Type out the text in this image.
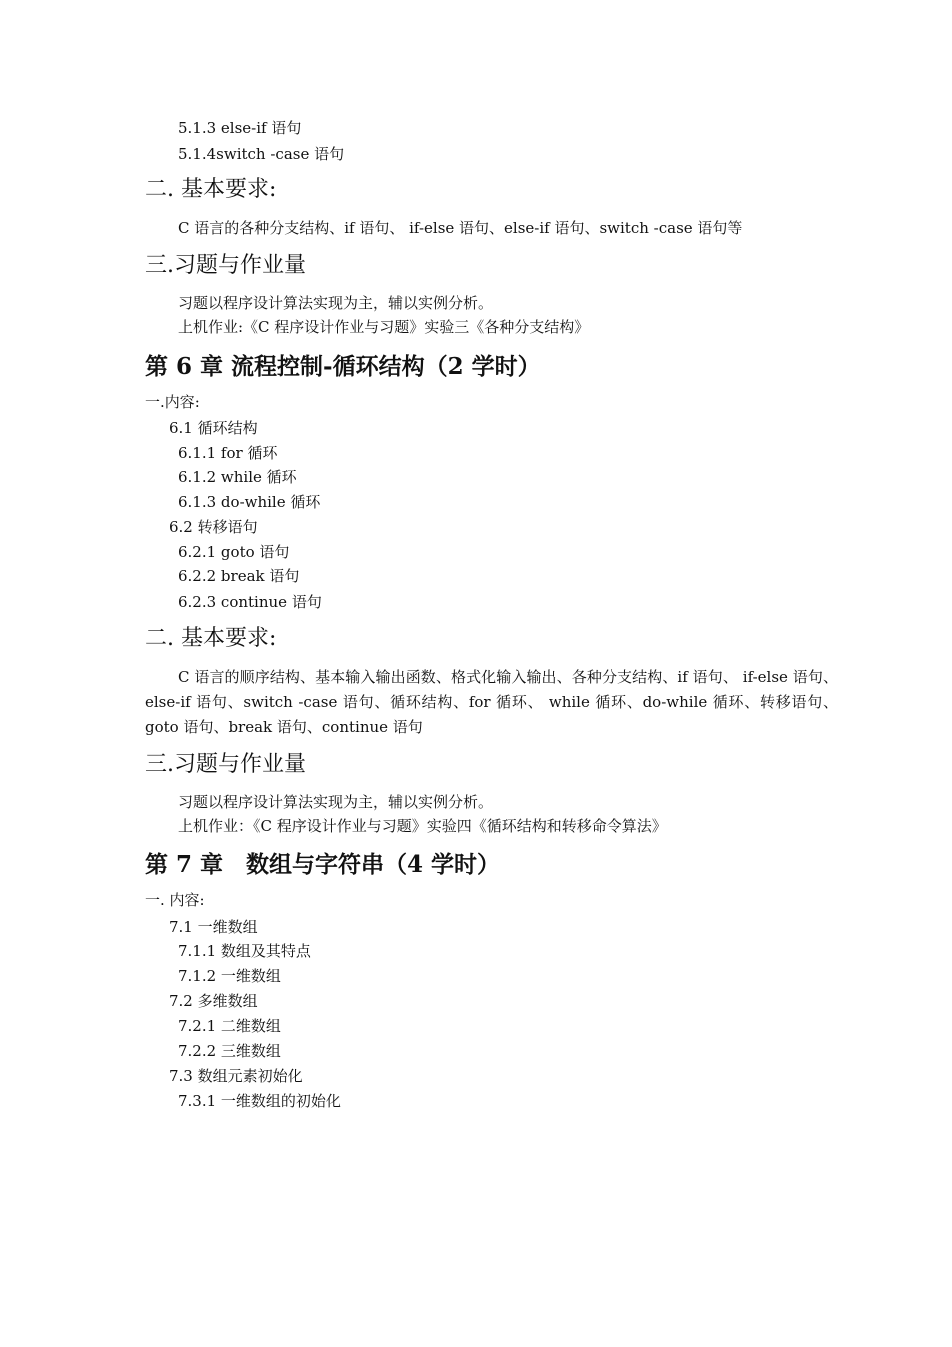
5.1.3 else-if 语句
5.1.4switch -case 语句
二. 基本要求:
C 语言的各种分支结构、if 语句、 if-else 语句、else-if 语句、switch -case 语句等
三.习题与作业量
习题以程序设计算法实现为主，辅以实例分析。
上机作业:《C 程序设计作业与习题》实验三《各种分支结构》
第 6 章 流程控制-循环结构（2 学时）
一.内容:
6.1 循环结构
6.1.1 for 循环
6.1.2 while 循环
6.1.3 do-while 循环
6.2 转移语句
6.2.1 goto 语句
6.2.2 break 语句
6.2.3 continue 语句
二. 基本要求:
C 语言的顺序结构、基本输入输出函数、格式化输入输出、各种分支结构、if 语句、 if-else 语句、else-if 语句、switch -case 语句、循环结构、for 循环、 while 循环、do-while 循环、转移语句、goto 语句、break 语句、continue 语句
三.习题与作业量
习题以程序设计算法实现为主，辅以实例分析。
上机作业：《C 程序设计作业与习题》实验四《循环结构和转移命令算法》
第 7 章　数组与字符串（4 学时）
一. 内容:
7.1 一维数组
7.1.1 数组及其特点
7.1.2 一维数组
7.2 多维数组
7.2.1 二维数组
7.2.2 三维数组
7.3 数组元素初始化
7.3.1 一维数组的初始化
